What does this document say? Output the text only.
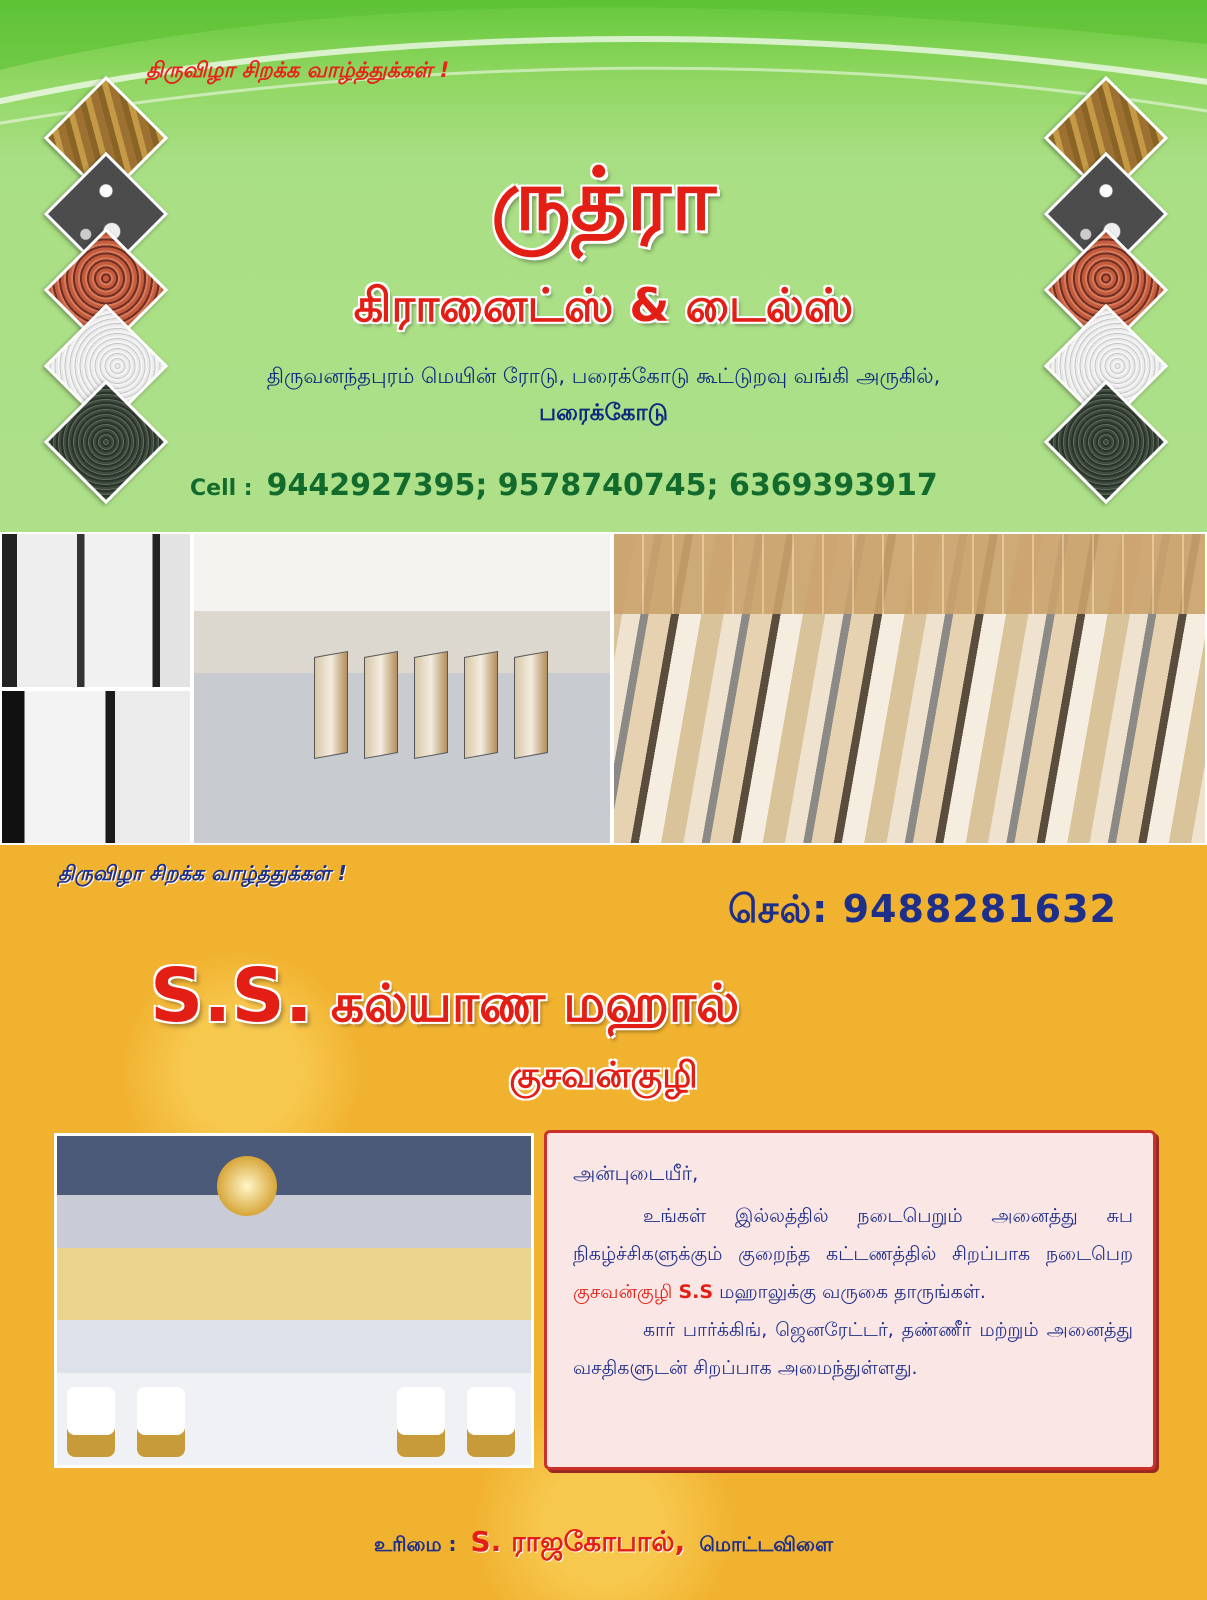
திருவிழா சிறக்க வாழ்த்துக்கள் !
ருத்ரா
கிரானைட்ஸ் & டைல்ஸ்
திருவனந்தபுரம் மெயின் ரோடு, பரைக்கோடு கூட்டுறவு வங்கி அருகில்,
பரைக்கோடு
Cell : 9442927395; 9578740745; 6369393917
திருவிழா சிறக்க வாழ்த்துக்கள் !
செல்: 9488281632
S.S. கல்யாண மஹால்
குசவன்குழி
அன்புடையீர்,

உங்கள் இல்லத்தில் நடைபெறும் அனைத்து சுப நிகழ்ச்சிகளுக்கும் குறைந்த கட்டணத்தில் சிறப்பாக நடைபெற குசவன்குழி S.S மஹாலுக்கு வருகை தாருங்கள்.

கார் பார்க்கிங், ஜெனரேட்டர், தண்ணீர் மற்றும் அனைத்து வசதிகளுடன் சிறப்பாக அமைந்துள்ளது.

உரிமை : S. ராஜகோபால், மொட்டவிளை
